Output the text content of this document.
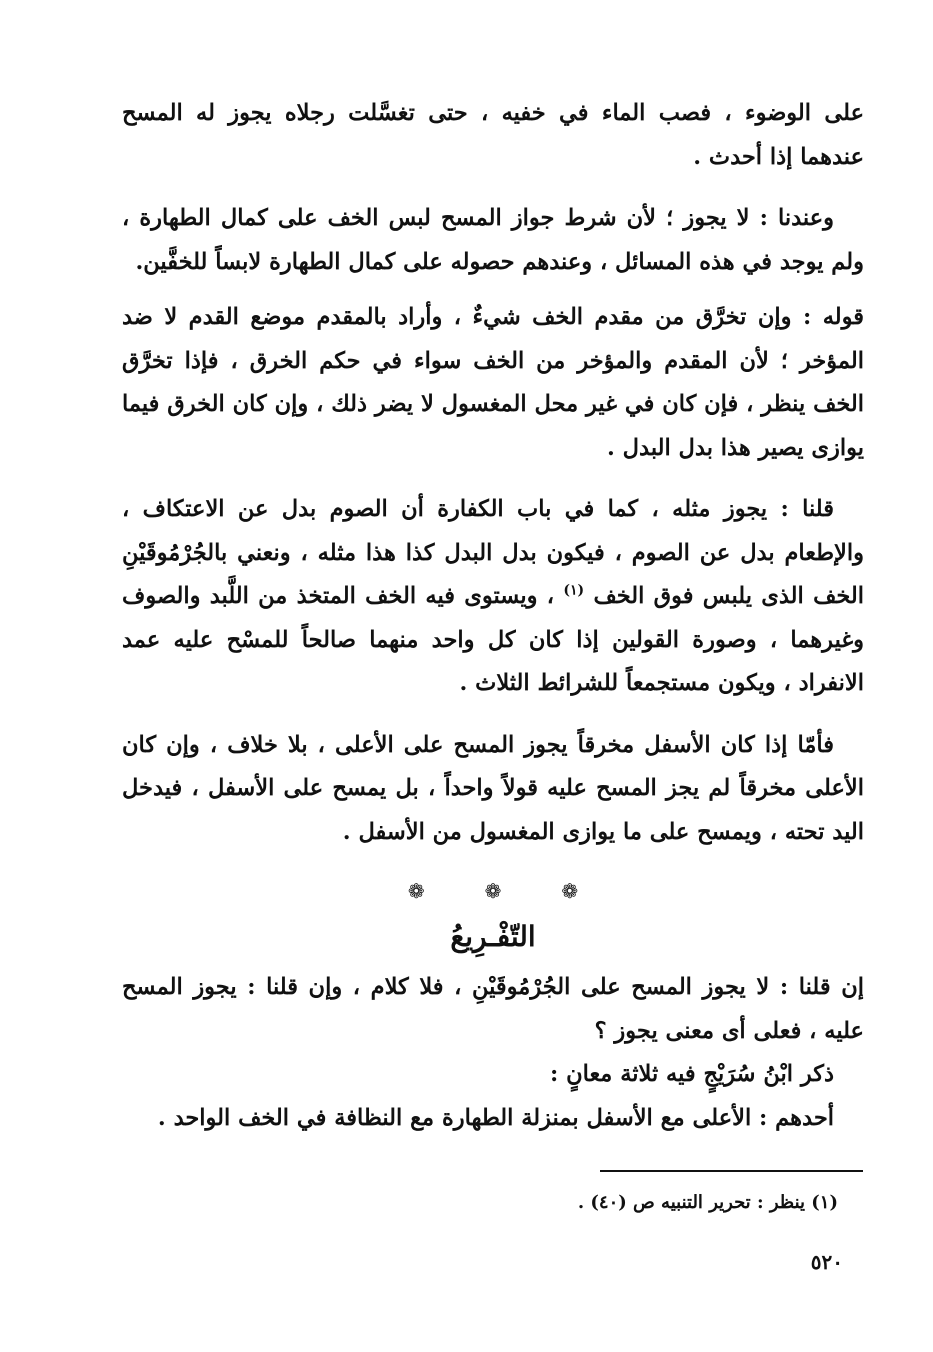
على الوضوء ، فصب الماء في خفيه ، حتى تغسَّلت رجلاه يجوز له المسح عندهما إذا أحدث .

وعندنا : لا يجوز ؛ لأن شرط جواز المسح لبس الخف على كمال الطهارة ، ولم يوجد في هذه المسائل ، وعندهم حصوله على كمال الطهارة لابساً للخفَّين.

قوله : وإن تخرَّق من مقدم الخف شيءٌ ، وأراد بالمقدم موضع القدم لا ضد المؤخر ؛ لأن المقدم والمؤخر من الخف سواء في حكم الخرق ، فإذا تخرَّق الخف ينظر ، فإن كان في غير محل المغسول لا يضر ذلك ، وإن كان الخرق فيما يوازى يصير هذا بدل البدل .

قلنا : يجوز مثله ، كما في باب الكفارة أن الصوم بدل عن الاعتكاف ، والإطعام بدل عن الصوم ، فيكون بدل البدل كذا هذا مثله ، ونعني بالجُرْمُوقَيْنِ الخف الذى يلبس فوق الخف $^{(١)}$ ، ويستوى فيه الخف المتخذ من اللَّبد والصوف وغيرهما ، وصورة القولين إذا كان كل واحد منهما صالحاً للمسْح عليه عمد الانفراد ، ويكون مستجمعاً للشرائط الثلاث .

فأمّا إذا كان الأسفل مخرقاً يجوز المسح على الأعلى ، بلا خلاف ، وإن كان الأعلى مخرقاً لم يجز المسح عليه قولاً واحداً ، بل يمسح على الأسفل ، فيدخل اليد تحته ، ويمسح على ما يوازى المغسول من الأسفل .

❁❁❁
التّفْـرِيعُ

إن قلنا : لا يجوز المسح على الجُرْمُوقَيْنِ ، فلا كلام ، وإن قلنا : يجوز المسح عليه ، فعلى أى معنى يجوز ؟

ذكر ابْنُ سُرَيْجٍ فيه ثلاثة معانٍ :

أحدهم : الأعلى مع الأسفل بمنزلة الطهارة مع النظافة في الخف الواحد .

(١) ينظر : تحرير التنبيه ص (٤٠) .
٥٢٠
